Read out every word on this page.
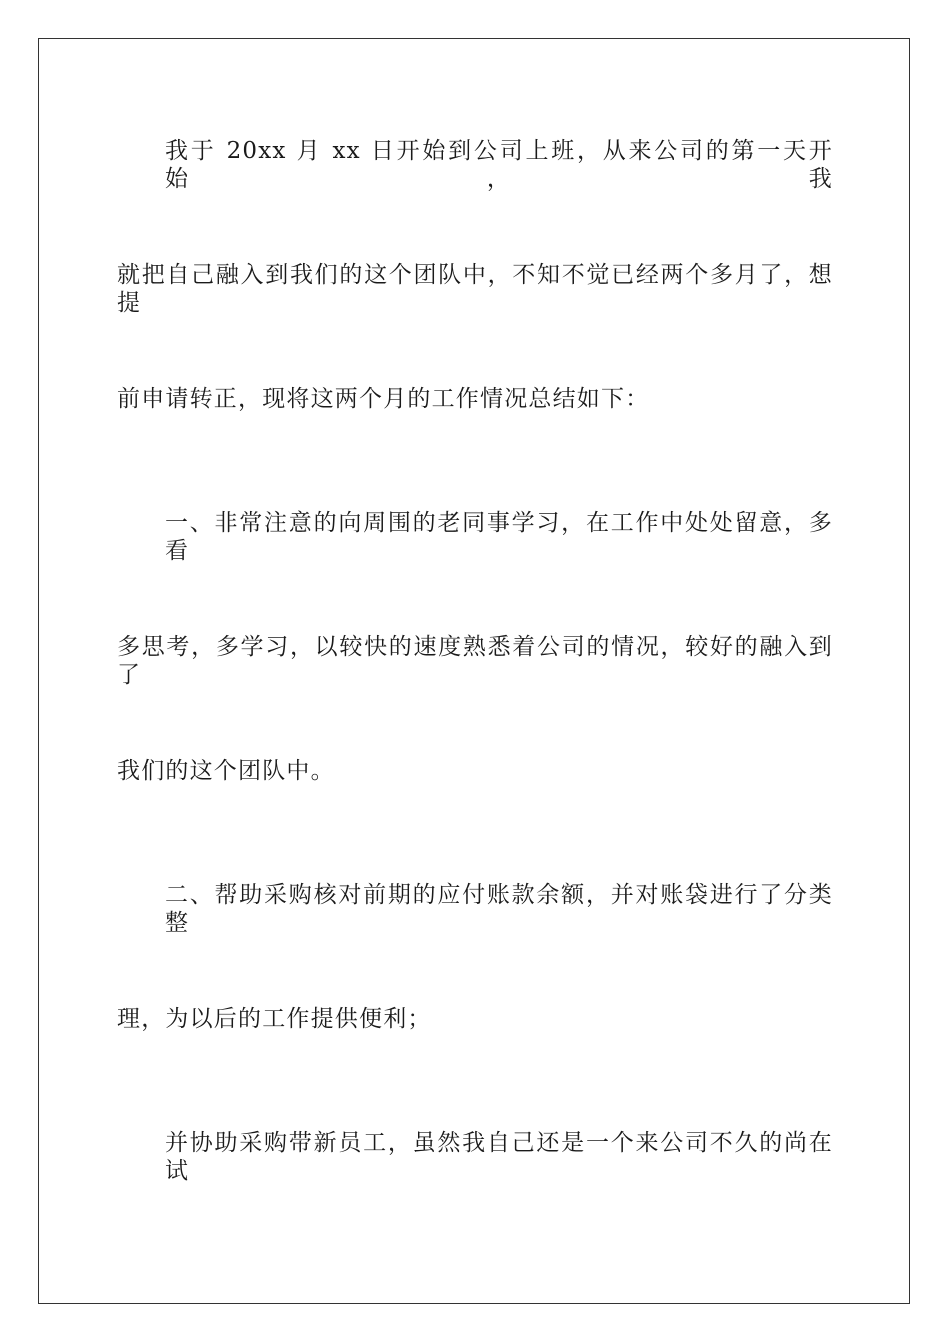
我于 20xx 月 xx 日开始到公司上班，从来公司的第一天开始，我
就把自己融入到我们的这个团队中，不知不觉已经两个多月了，想提
前申请转正，现将这两个月的工作情况总结如下：
一、非常注意的向周围的老同事学习，在工作中处处留意，多看
多思考，多学习，以较快的速度熟悉着公司的情况，较好的融入到了
我们的这个团队中。
二、帮助采购核对前期的应付账款余额，并对账袋进行了分类整
理，为以后的工作提供便利；
并协助采购带新员工，虽然我自己还是一个来公司不久的尚在试
